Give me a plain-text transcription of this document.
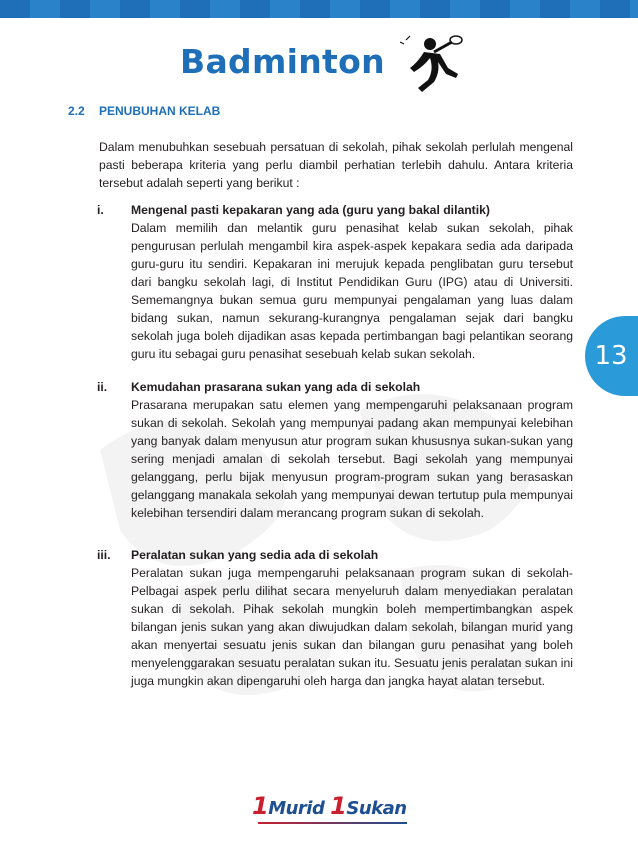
Badminton
2.2 PENUBUHAN KELAB
Dalam menubuhkan sesebuah persatuan di sekolah, pihak sekolah perlulah mengenal pasti beberapa kriteria yang perlu diambil perhatian terlebih dahulu. Antara kriteria tersebut adalah seperti yang berikut :
i. Mengenal pasti kepakaran yang ada (guru yang bakal dilantik)
Dalam memilih dan melantik guru penasihat kelab sukan sekolah, pihak pengurusan perlulah mengambil kira aspek-aspek kepakara sedia ada daripada guru-guru itu sendiri. Kepakaran ini merujuk kepada penglibatan guru tersebut dari bangku sekolah lagi, di Institut Pendidikan Guru (IPG) atau di Universiti. Sememangnya bukan semua guru mempunyai pengalaman yang luas dalam bidang sukan, namun sekurang-kurangnya pengalaman sejak dari bangku sekolah juga boleh dijadikan asas kepada pertimbangan bagi pelantikan seorang guru itu sebagai guru penasihat sesebuah kelab sukan sekolah.
ii. Kemudahan prasarana sukan yang ada di sekolah
Prasarana merupakan satu elemen yang mempengaruhi pelaksanaan program sukan di sekolah. Sekolah yang mempunyai padang akan mempunyai kelebihan yang banyak dalam menyusun atur program sukan khususnya sukan-sukan yang sering menjadi amalan di sekolah tersebut. Bagi sekolah yang mempunyai gelanggang, perlu bijak menyusun program-program sukan yang berasaskan gelanggang manakala sekolah yang mempunyai dewan tertutup pula mempunyai kelebihan tersendiri dalam merancang program sukan di sekolah.
iii. Peralatan sukan yang sedia ada di sekolah
Peralatan sukan juga mempengaruhi pelaksanaan program sukan di sekolah-Pelbagai aspek perlu dilihat secara menyeluruh dalam menyediakan peralatan sukan di sekolah. Pihak sekolah mungkin boleh mempertimbangkan aspek bilangan jenis sukan yang akan diwujudkan dalam sekolah, bilangan murid yang akan menyertai sesuatu jenis sukan dan bilangan guru penasihat yang boleh menyelenggarakan sesuatu peralatan sukan itu. Sesuatu jenis peralatan sukan ini juga mungkin akan dipengaruhi oleh harga dan jangka hayat alatan tersebut.
13
1Murid 1Sukan
